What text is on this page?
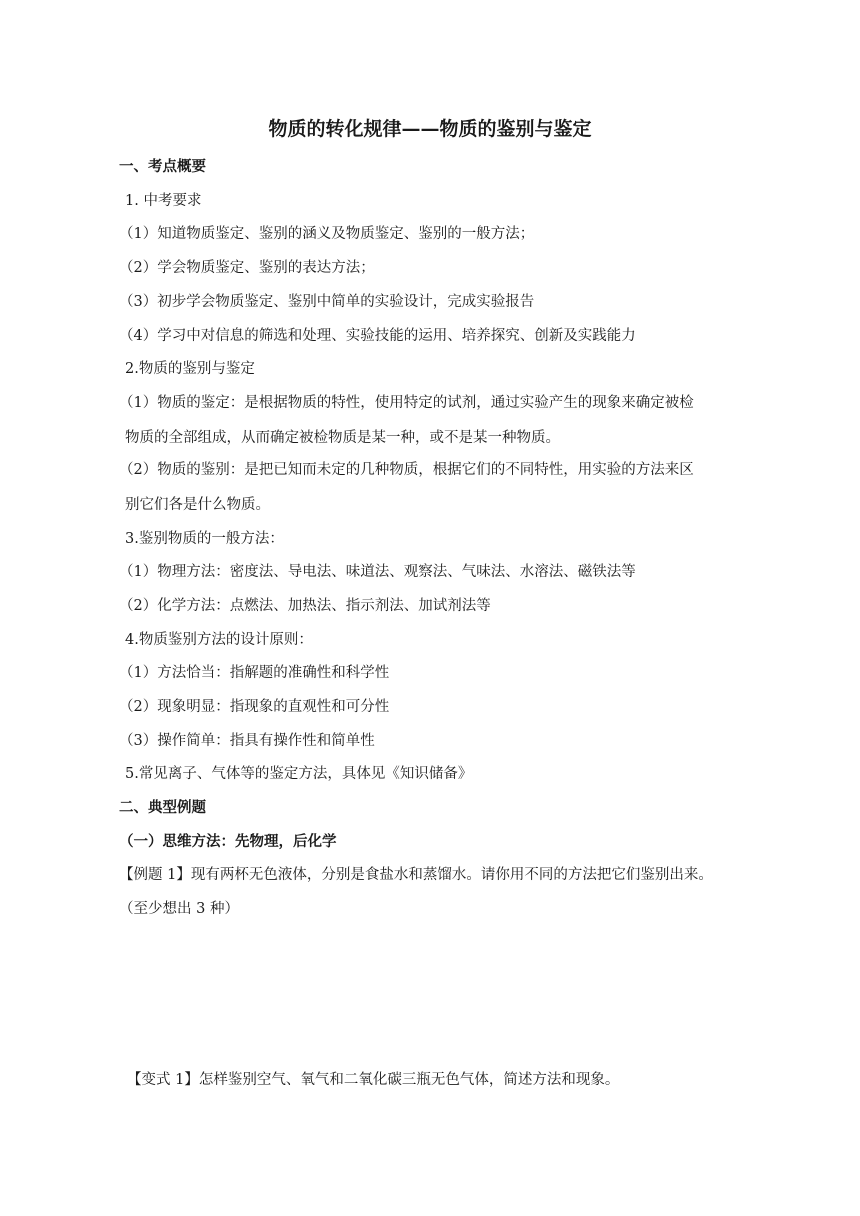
物质的转化规律——物质的鉴别与鉴定
一、考点概要
1. 中考要求
（1）知道物质鉴定、鉴别的涵义及物质鉴定、鉴别的一般方法；
（2）学会物质鉴定、鉴别的表达方法；
（3）初步学会物质鉴定、鉴别中简单的实验设计，完成实验报告
（4）学习中对信息的筛选和处理、实验技能的运用、培养探究、创新及实践能力
2.物质的鉴别与鉴定
（1）物质的鉴定：是根据物质的特性，使用特定的试剂，通过实验产生的现象来确定被检
物质的全部组成，从而确定被检物质是某一种，或不是某一种物质。
（2）物质的鉴别：是把已知而未定的几种物质，根据它们的不同特性，用实验的方法来区
别它们各是什么物质。
3.鉴别物质的一般方法：
（1）物理方法：密度法、导电法、味道法、观察法、气味法、水溶法、磁铁法等
（2）化学方法：点燃法、加热法、指示剂法、加试剂法等
4.物质鉴别方法的设计原则：
（1）方法恰当：指解题的准确性和科学性
（2）现象明显：指现象的直观性和可分性
（3）操作简单：指具有操作性和简单性
5.常见离子、气体等的鉴定方法，具体见《知识储备》
二、典型例题
（一）思维方法：先物理，后化学
【例题 1】现有两杯无色液体，分别是食盐水和蒸馏水。请你用不同的方法把它们鉴别出来。
（至少想出 3 种）
【变式 1】怎样鉴别空气、氧气和二氧化碳三瓶无色气体，简述方法和现象。
